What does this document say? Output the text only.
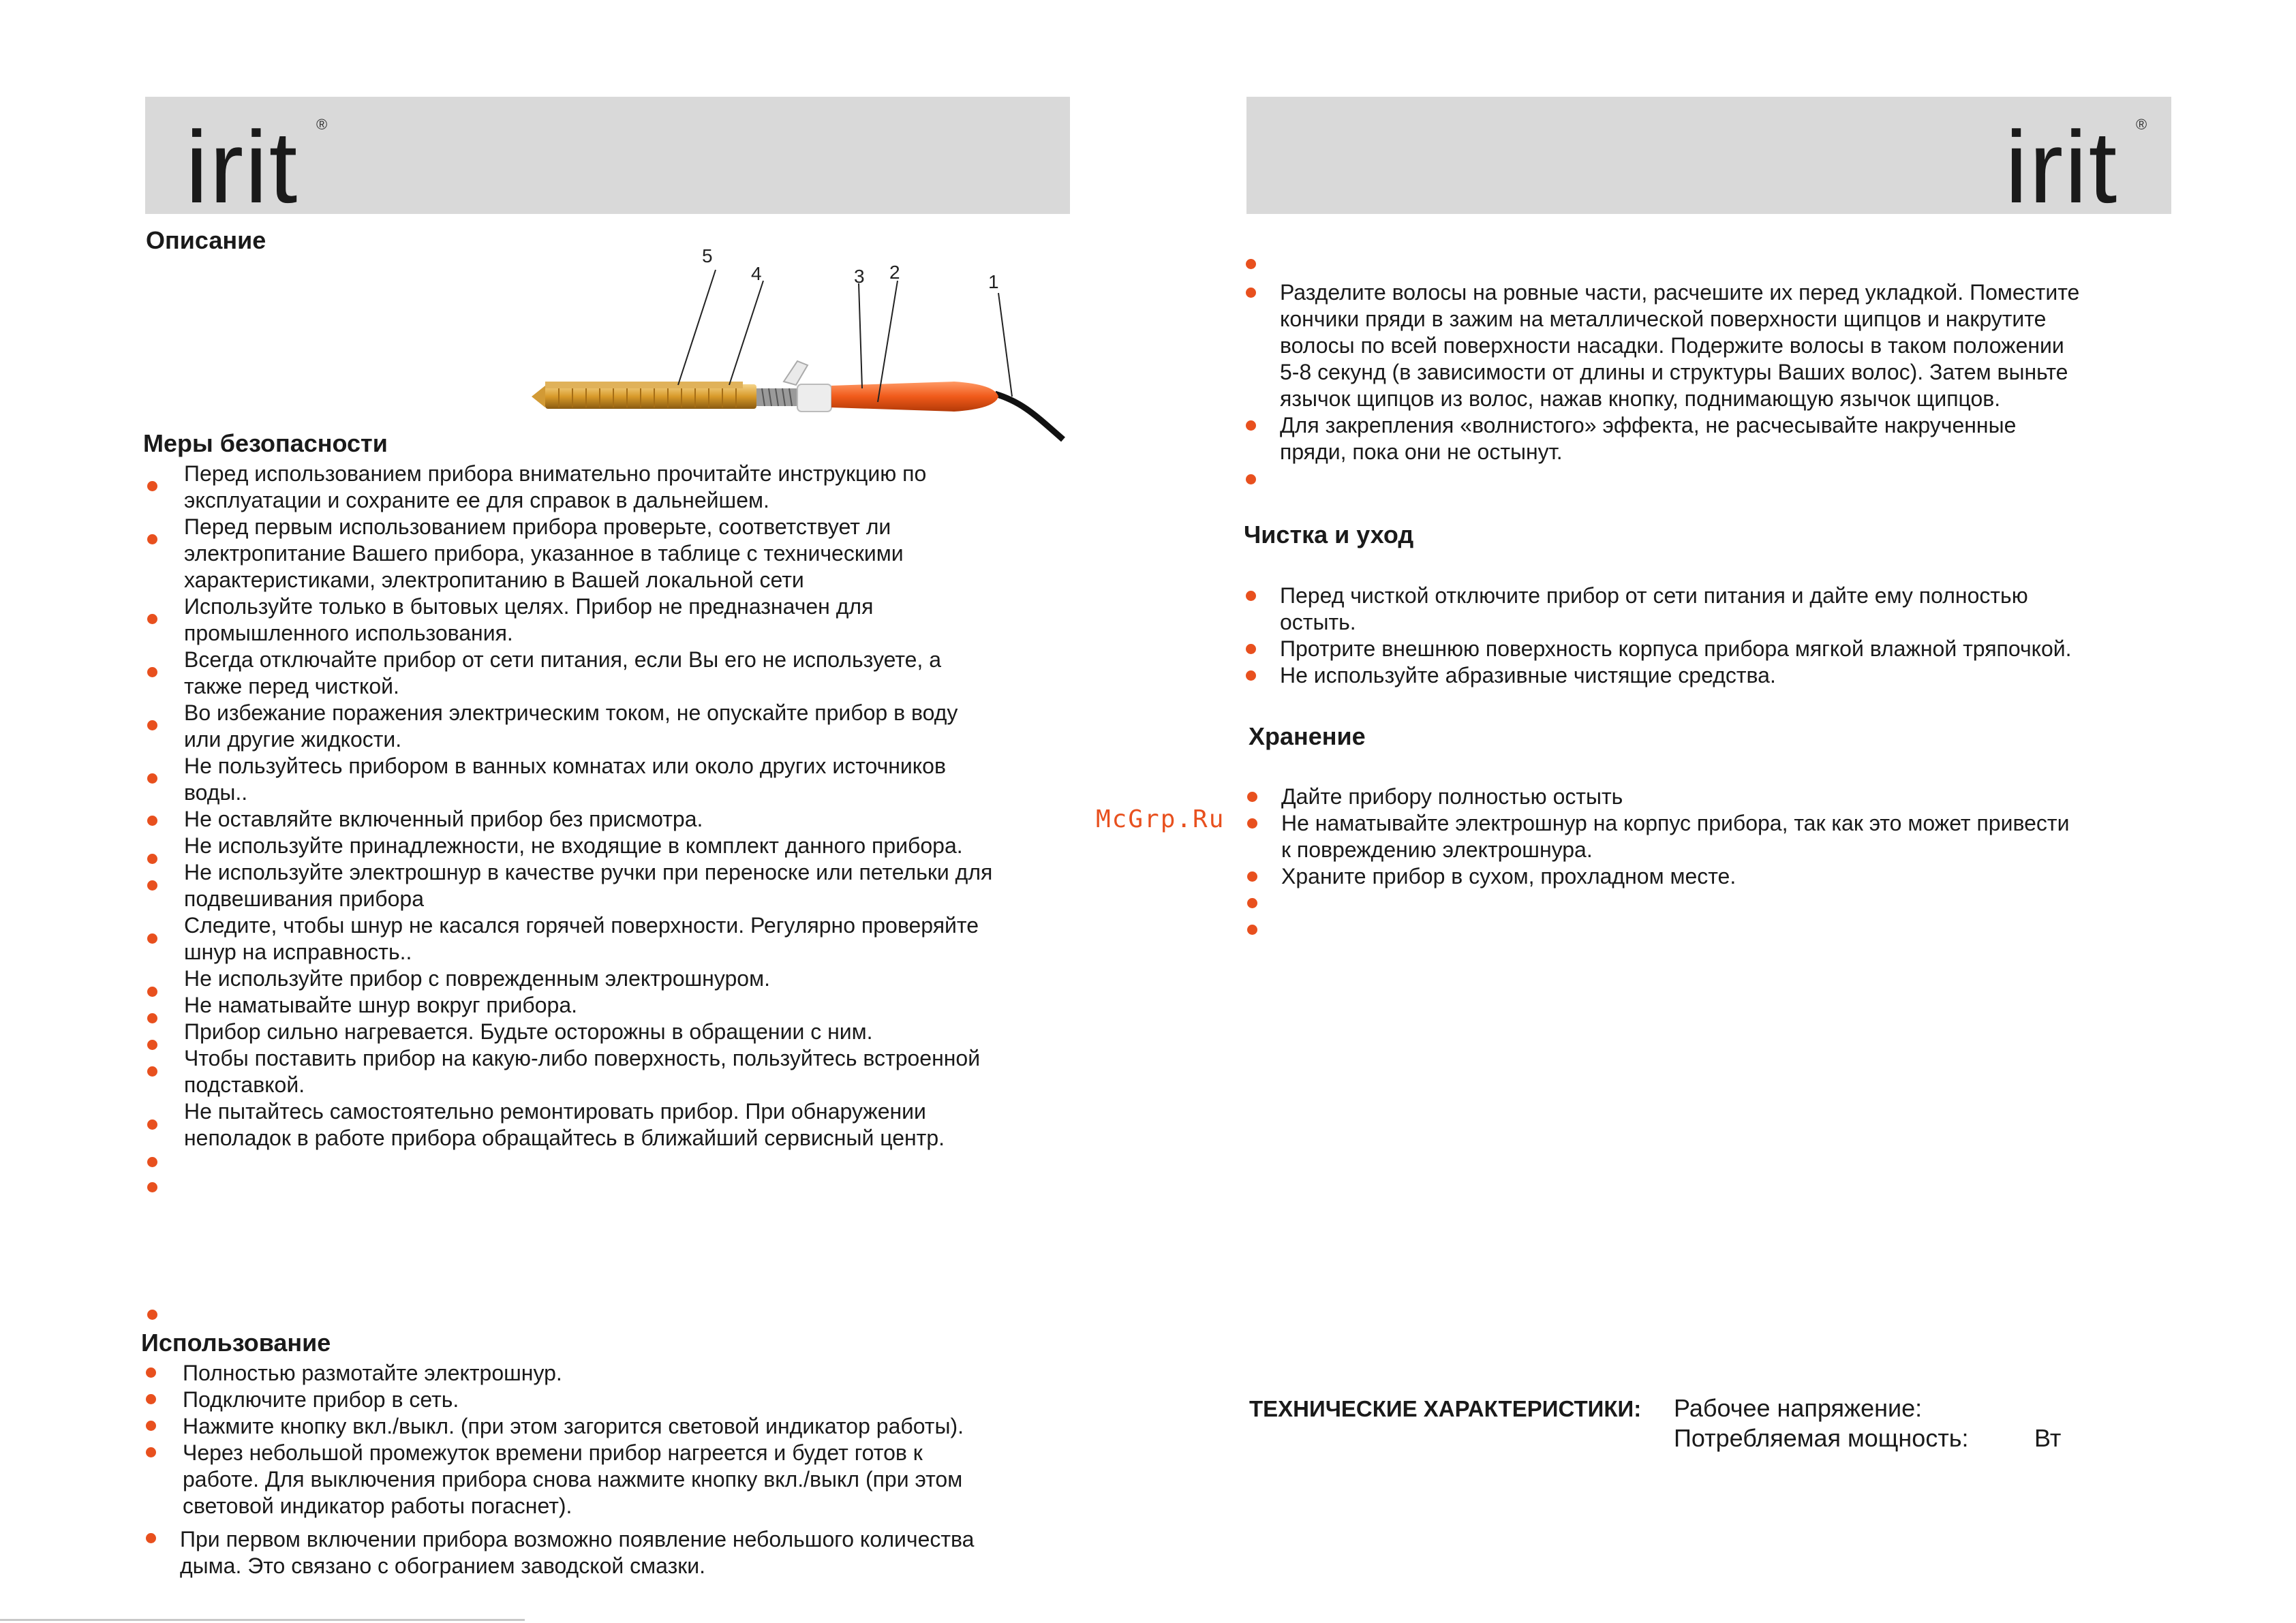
irit ®	irit ®
Описание
5
4	3 2	1
Меры безопасности
Перед использованием прибора внимательно прочитайте инструкцию по
эксплуатации и сохраните ее для справок в дальнейшем.
Перед первым использованием прибора проверьте, соответствует ли
электропитание Вашего прибора, указанное в таблице с техническими
характеристиками, электропитанию в Вашей локальной сети
Используйте только в бытовых целях. Прибор не предназначен для
промышленного использования.
Всегда отключайте прибор от сети питания, если Вы его не используете, а
также перед чисткой.
Во избежание поражения электрическим током, не опускайте прибор в воду
или другие жидкости.
Не пользуйтесь прибором в ванных комнатах или около других источников
воды..
Не оставляйте включенный прибор без присмотра.
Не используйте принадлежности, не входящие в комплект данного прибора.
Не используйте электрошнур в качестве ручки при переноске или петельки для
подвешивания прибора
Следите, чтобы шнур не касался горячей поверхности. Регулярно проверяйте
шнур на исправность..
Не используйте прибор с поврежденным электрошнуром.
Не наматывайте шнур вокруг прибора.
Прибор сильно нагревается. Будьте осторожны в обращении с ним.
Чтобы поставить прибор на какую-либо поверхность, пользуйтесь встроенной
подставкой.
Не пытайтесь самостоятельно ремонтировать прибор. При обнаружении
неполадок в работе прибора обращайтесь в ближайший сервисный центр.
Использование
Полностью размотайте электрошнур.
Подключите прибор в сеть.
Нажмите кнопку вкл./выкл. (при этом загорится световой индикатор работы).
Через небольшой промежуток времени прибор нагреется и будет готов к
работе. Для выключения прибора снова нажмите кнопку вкл./выкл (при этом
световой индикатор работы погаснет).
При первом включении прибора возможно появление небольшого количества
дыма. Это связано с обогранием заводской смазки.
McGrp.Ru
Разделите волосы на ровные части, расчешите их перед укладкой. Поместите
кончики пряди в зажим на металлической поверхности щипцов и накрутите
волосы по всей поверхности насадки. Подержите волосы в таком положении
5-8 секунд (в зависимости от длины и структуры Ваших волос). Затем выньте
язычок щипцов из волос, нажав кнопку, поднимающую язычок щипцов.
Для закрепления «волнистого» эффекта, не расчесывайте накрученные
пряди, пока они не остынут.
Чистка и уход
Перед чисткой отключите прибор от сети питания и дайте ему полностью
остыть.
Протрите внешнюю поверхность корпуса прибора мягкой влажной тряпочкой.
Не используйте абразивные чистящие средства.
Хранение
Дайте прибору полностью остыть
Не наматывайте электрошнур на корпус прибора, так как это может привести
к повреждению электрошнура.
Храните прибор в сухом, прохладном месте.
ТЕХНИЧЕСКИЕ ХАРАКТЕРИСТИКИ: Рабочее напряжение:
Потребляемая мощность:	Вт
